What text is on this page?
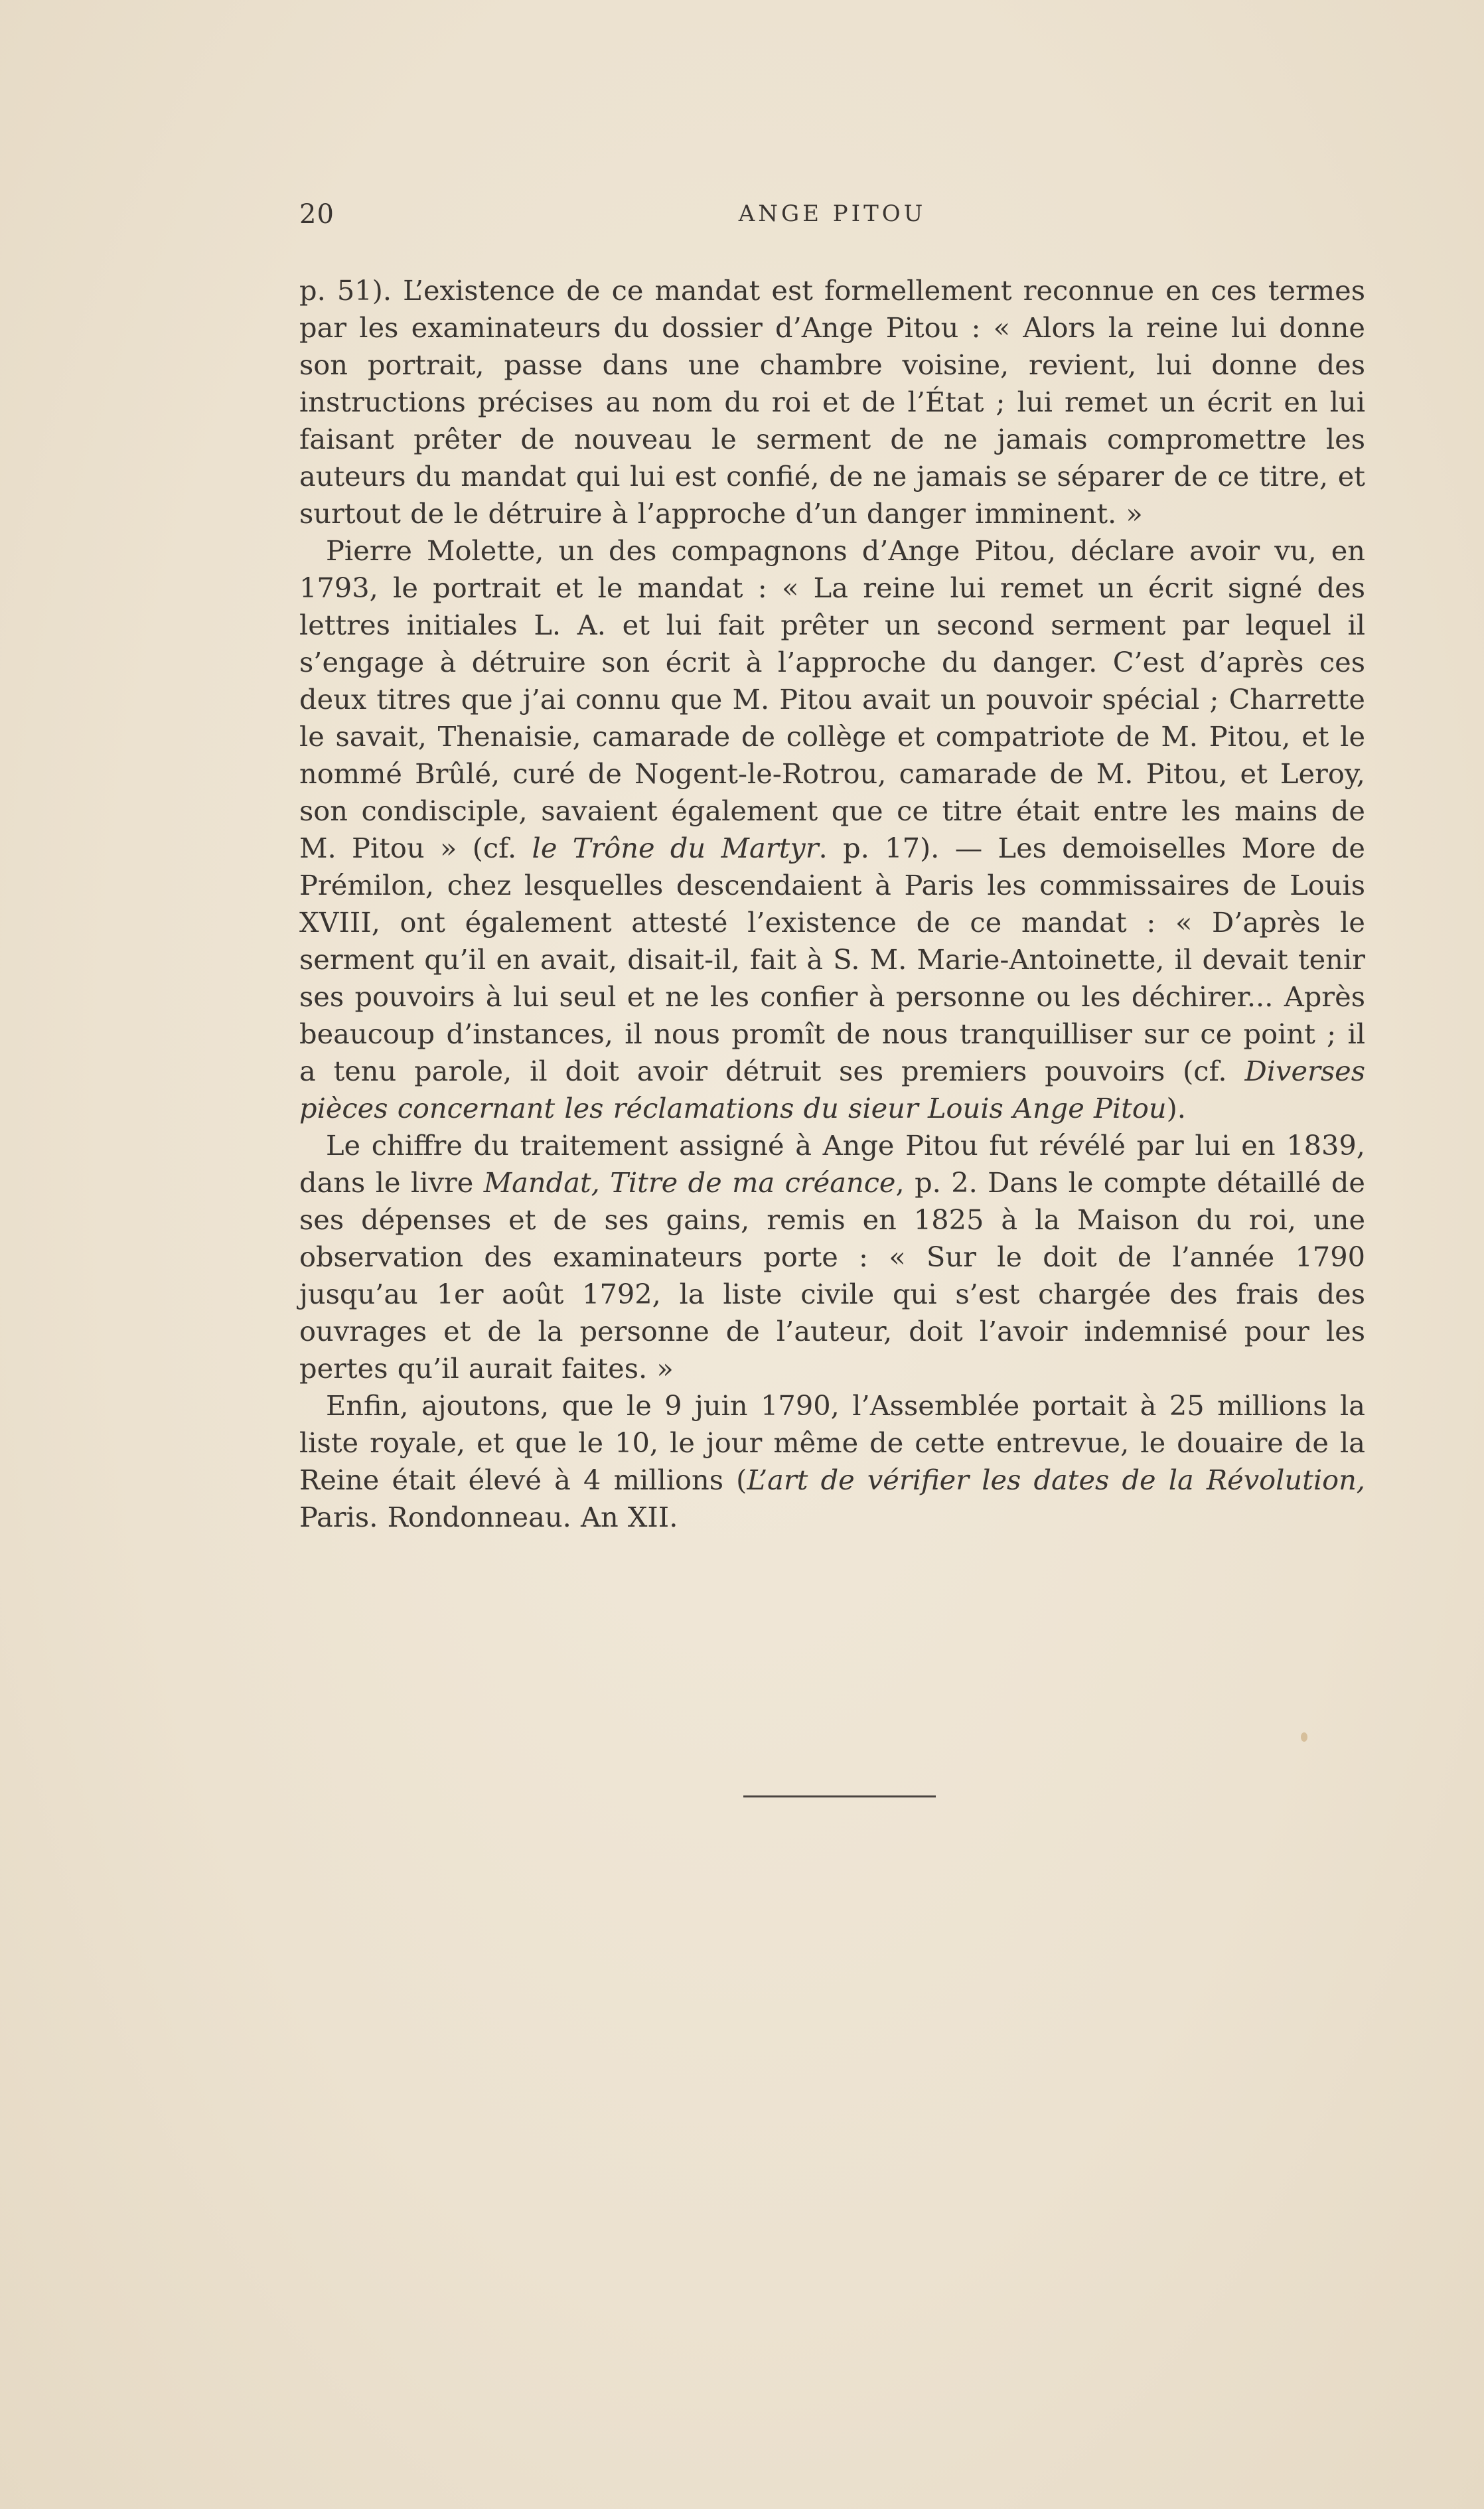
20	ANGE PITOU

p. 51). L’existence de ce mandat est formellement reconnue en ces termes par les examinateurs du dossier d’Ange Pitou : « Alors la reine lui donne son portrait, passe dans une chambre voisine, revient, lui donne des instructions précises au nom du roi et de l’État ; lui remet un écrit en lui faisant prêter de nouveau le serment de ne jamais compromettre les auteurs du mandat qui lui est confié, de ne jamais se séparer de ce titre, et surtout de le détruire à l’approche d’un danger imminent. »

Pierre Molette, un des compagnons d’Ange Pitou, déclare avoir vu, en 1793, le portrait et le mandat : « La reine lui remet un écrit signé des lettres initiales L. A. et lui fait prêter un second serment par lequel il s’engage à détruire son écrit à l’approche du danger. C’est d’après ces deux titres que j’ai connu que M. Pitou avait un pouvoir spécial ; Charrette le savait, Thenaisie, camarade de collège et compatriote de M. Pitou, et le nommé Brûlé, curé de Nogent-le-Rotrou, camarade de M. Pitou, et Leroy, son condisciple, savaient également que ce titre était entre les mains de M. Pitou » (cf. le Trône du Martyr. p. 17). — Les demoiselles More de Prémilon, chez lesquelles descendaient à Paris les commissaires de Louis XVIII, ont également attesté l’existence de ce mandat : « D’après le serment qu’il en avait, disait-il, fait à S. M. Marie-Antoinette, il devait tenir ses pouvoirs à lui seul et ne les confier à personne ou les déchirer... Après beaucoup d’instances, il nous promît de nous tranquilliser sur ce point ; il a tenu parole, il doit avoir détruit ses premiers pouvoirs (cf. Diverses pièces concernant les réclamations du sieur Louis Ange Pitou).

Le chiffre du traitement assigné à Ange Pitou fut révélé par lui en 1839, dans le livre Mandat, Titre de ma créance, p. 2. Dans le compte détaillé de ses dépenses et de ses gains, remis en 1825 à la Maison du roi, une observation des examinateurs porte : « Sur le doit de l’année 1790 jusqu’au 1er août 1792, la liste civile qui s’est chargée des frais des ouvrages et de la personne de l’auteur, doit l’avoir indemnisé pour les pertes qu’il aurait faites. »

Enfin, ajoutons, que le 9 juin 1790, l’Assemblée portait à 25 millions la liste royale, et que le 10, le jour même de cette entrevue, le douaire de la Reine était élevé à 4 millions (L’art de vérifier les dates de la Révolution, Paris. Rondonneau. An XII.
